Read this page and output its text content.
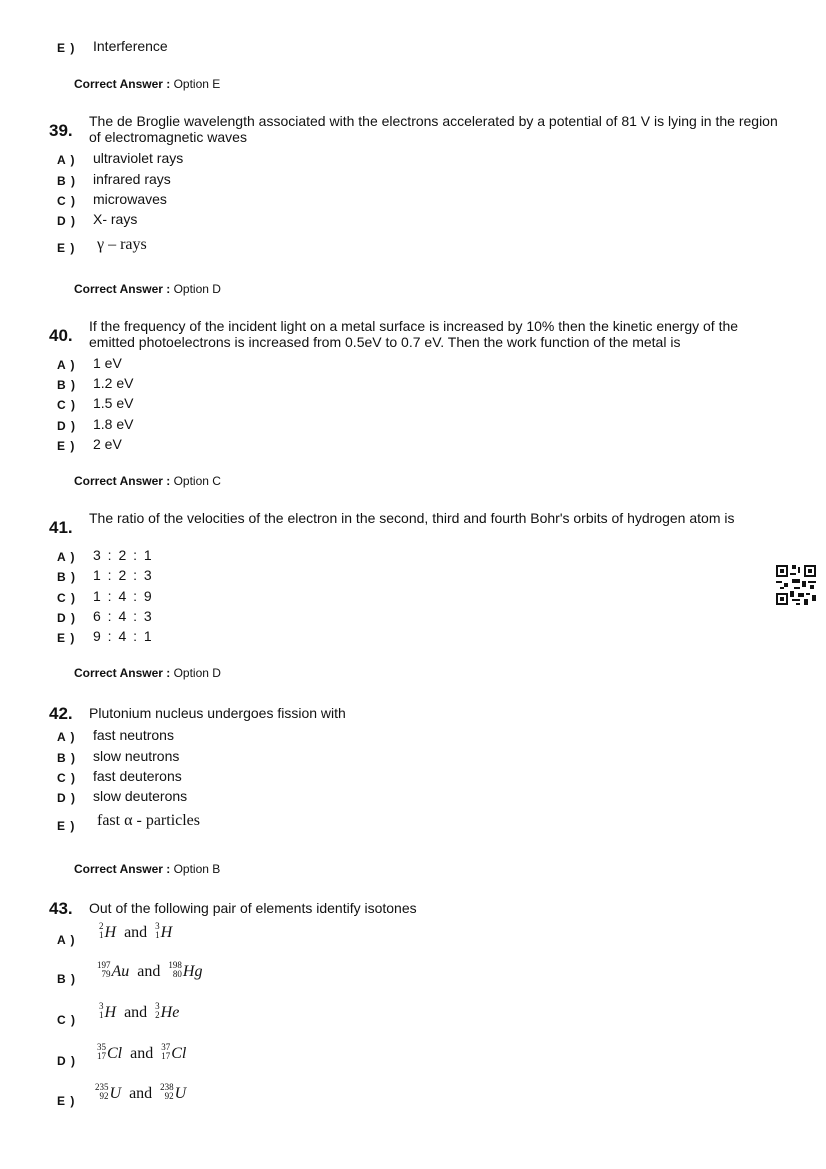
E ) Interference
Correct Answer : Option E
39. The de Broglie wavelength associated with the electrons accelerated by a potential of 81 V is lying in the region of electromagnetic waves
A ) ultraviolet rays
B ) infrared rays
C ) microwaves
D ) X- rays
E ) γ – rays
Correct Answer : Option D
40. If the frequency of the incident light on a metal surface is increased by 10% then the kinetic energy of the emitted photoelectrons is increased from 0.5eV to 0.7 eV. Then the work function of the metal is
A ) 1 eV
B ) 1.2 eV
C ) 1.5 eV
D ) 1.8 eV
E ) 2 eV
Correct Answer : Option C
41. The ratio of the velocities of the electron in the second, third and fourth Bohr's orbits of hydrogen atom is
A ) 3 : 2 : 1
B ) 1 : 2 : 3
C ) 1 : 4 : 9
D ) 6 : 4 : 3
E ) 9 : 4 : 1
Correct Answer : Option D
42. Plutonium nucleus undergoes fission with
A ) fast neutrons
B ) slow neutrons
C ) fast deuterons
D ) slow deuterons
E ) fast α - particles
Correct Answer : Option B
43. Out of the following pair of elements identify isotones
A )
2
1 H and 3
1 H
B )
197
79 Au and 198
80 Hg
C )
3
1 H and 3
2 He
D )
35
17 Cl and 37
17 Cl
E )
235
92 U and 238
92 U
